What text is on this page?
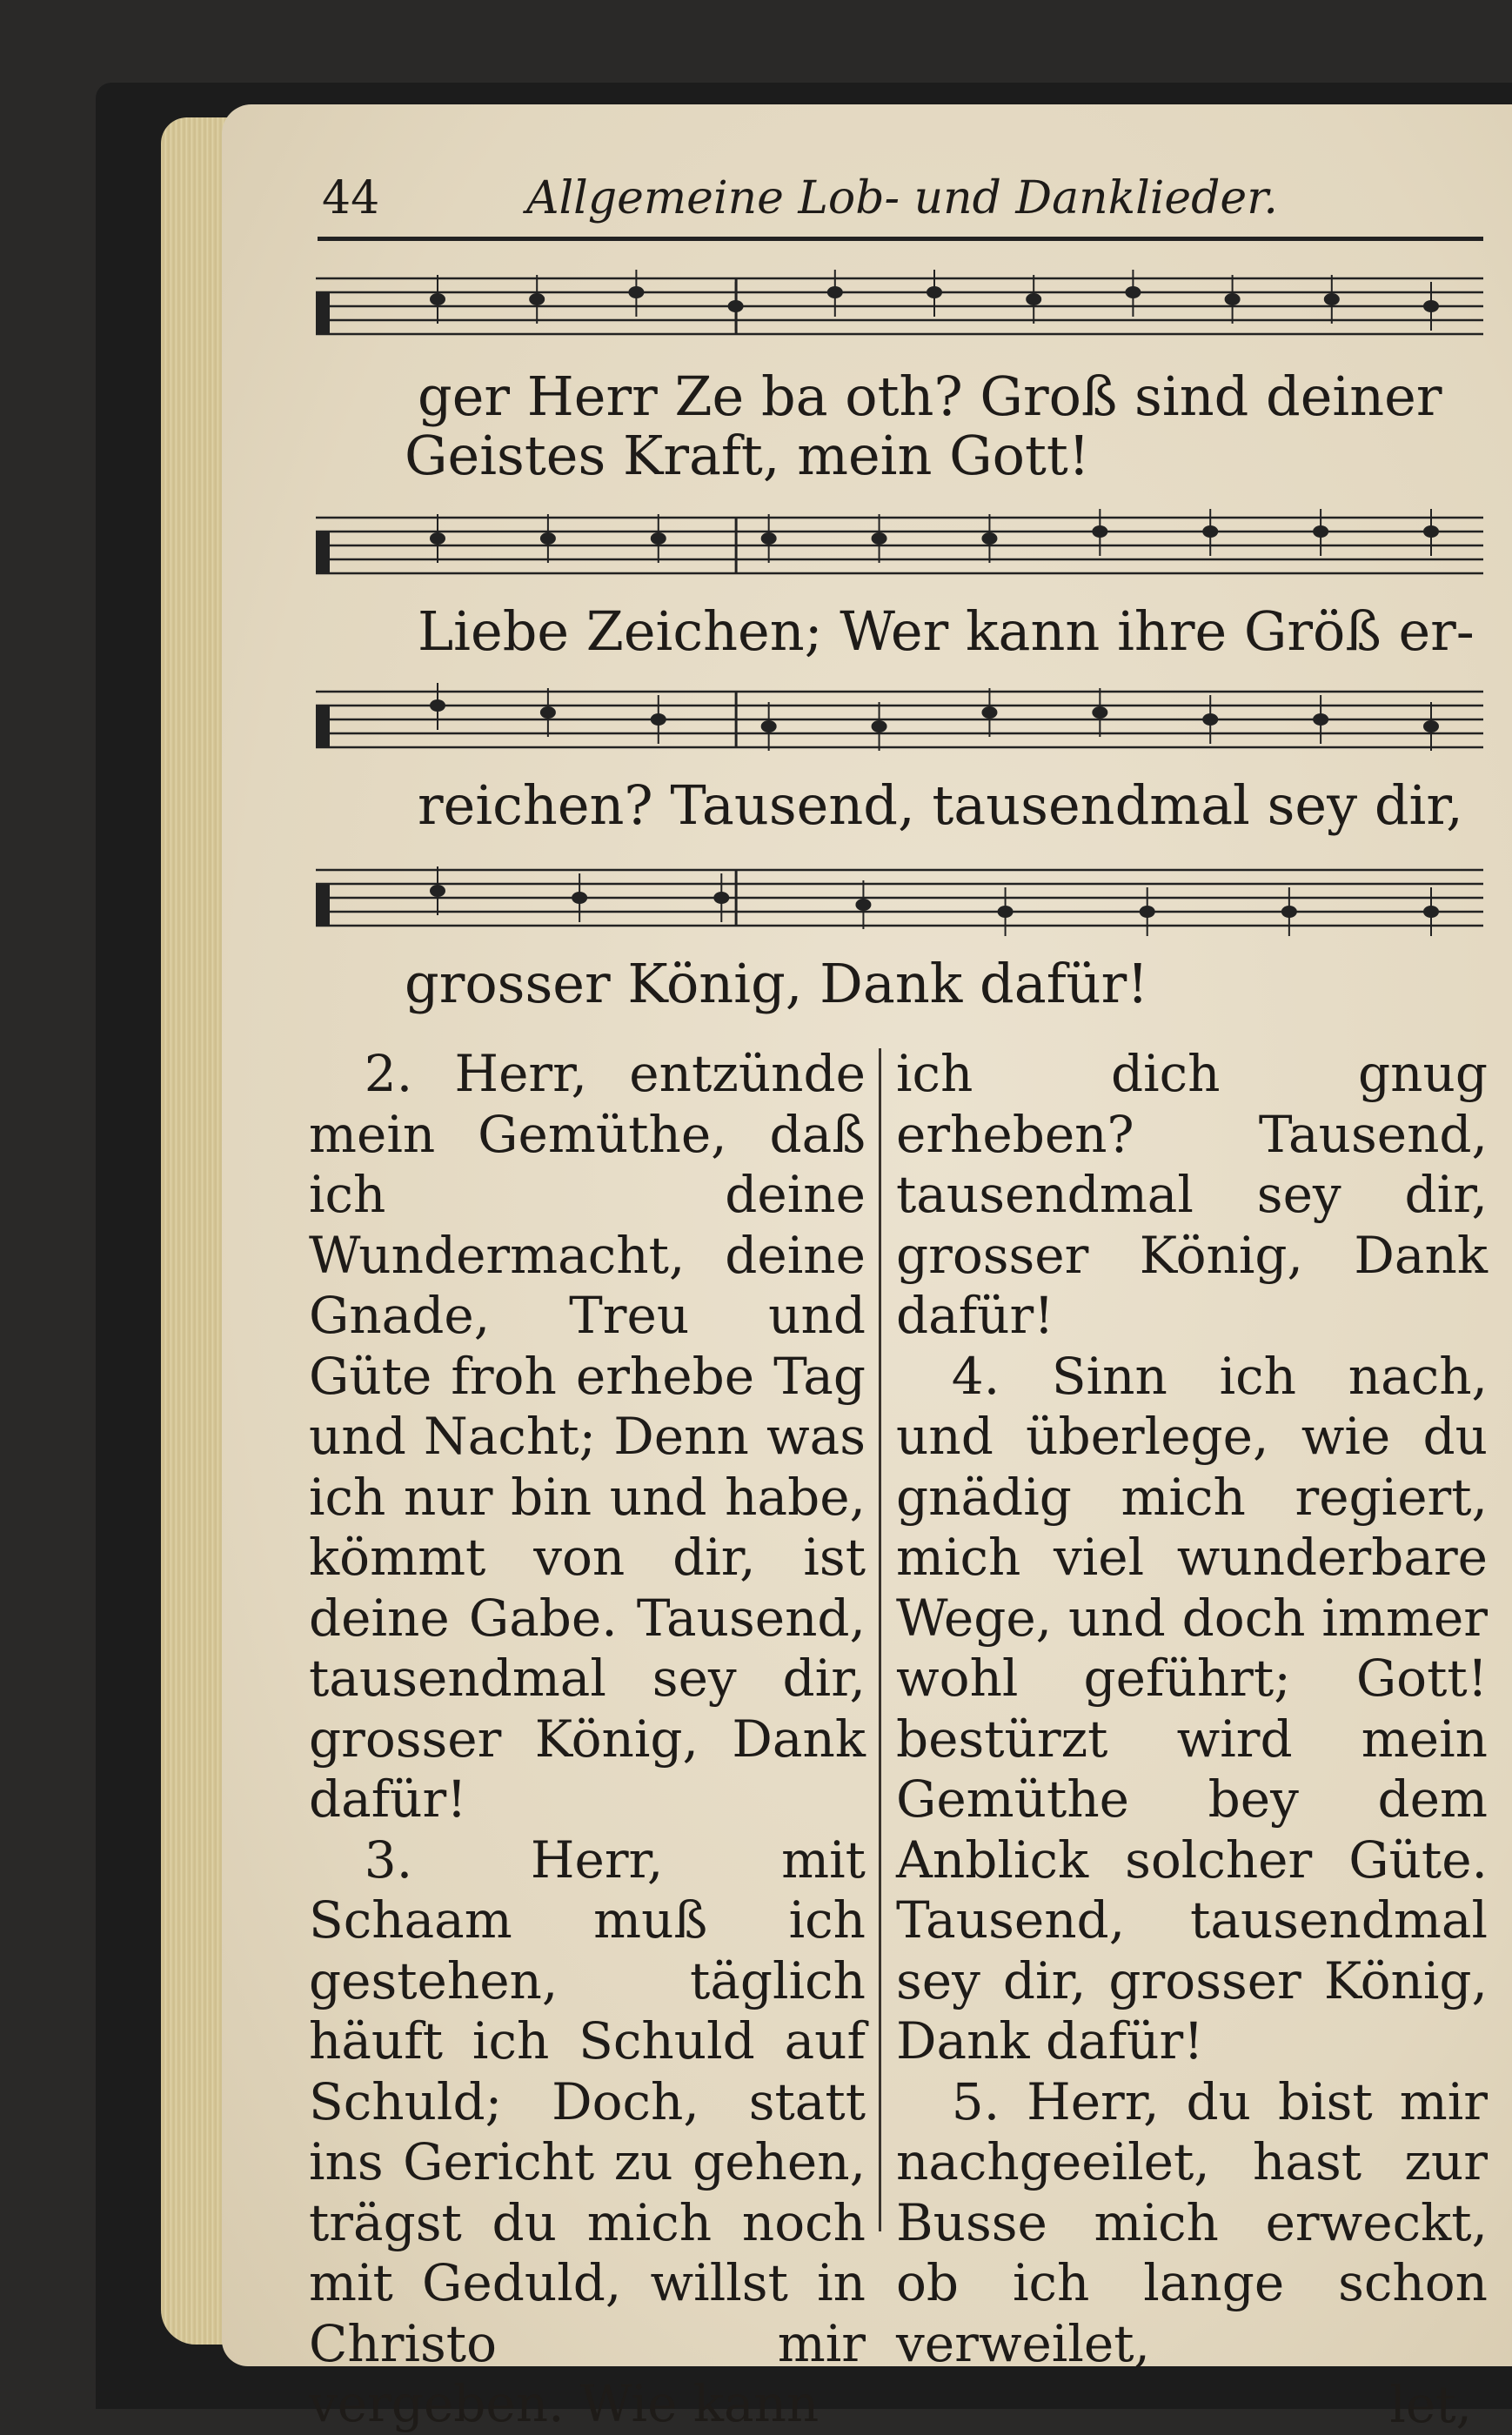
44	Allgemeine Lob- und Danklieder.
ger Herr Ze ba oth? Groß sind deiner
Geistes Kraft, mein Gott!
Liebe Zeichen; Wer kann ihre Größ er-
reichen? Tausend, tausendmal sey dir,
grosser König, Dank dafür!

2. Herr, entzünde mein Gemüthe, daß ich deine Wundermacht, deine Gnade, Treu und Güte froh erhebe Tag und Nacht; Denn was ich nur bin und habe, kömmt von dir, ist deine Gabe. Tausend, tausendmal sey dir, grosser König, Dank dafür!

3. Herr, mit Schaam muß ich gestehen, täglich häuft ich Schuld auf Schuld; Doch, statt ins Gericht zu gehen, trägst du mich noch mit Geduld, willst in Christo mir vergeben. Wie kann

ich dich gnug erheben? Tausend, tausendmal sey dir, grosser König, Dank dafür!

4. Sinn ich nach, und überlege, wie du gnädig mich regiert, mich viel wunderbare Wege, und doch immer wohl geführt; Gott! bestürzt wird mein Gemüthe bey dem Anblick solcher Güte. Tausend, tausendmal sey dir, grosser König, Dank dafür!

5. Herr, du bist mir nachgeeilet, hast zur Busse mich erweckt, ob ich lange schon verweilet,

let,
